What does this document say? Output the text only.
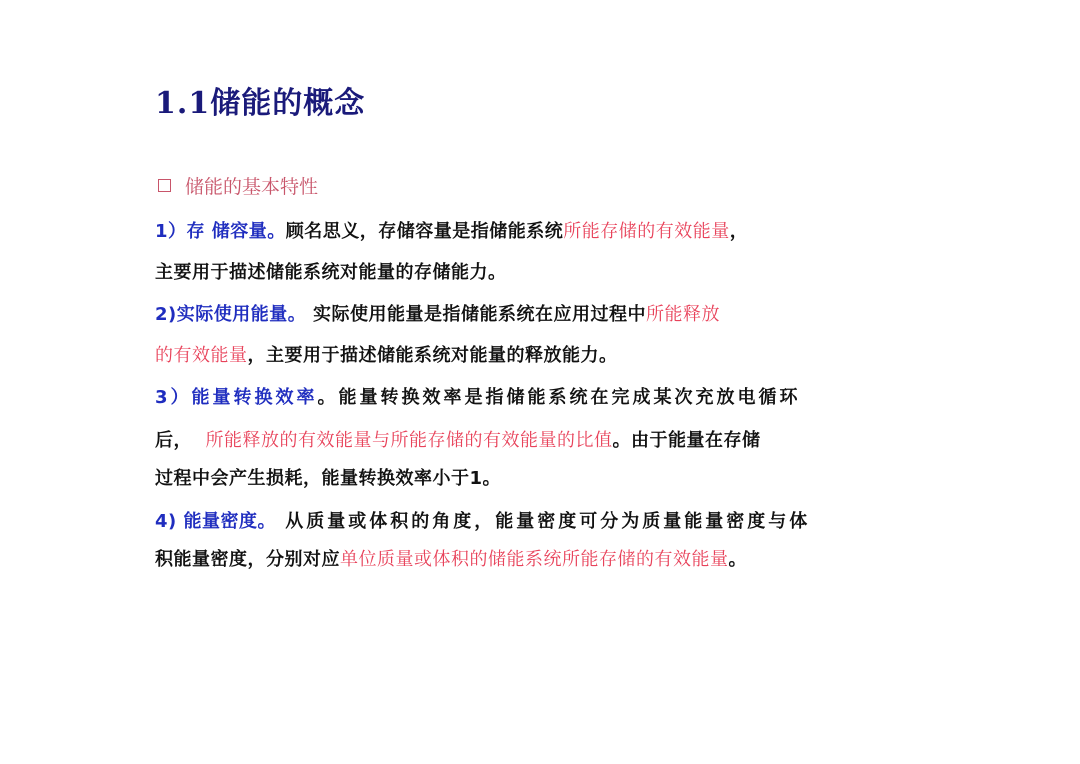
1.1储能的概念
储能的基本特性
1）存 储容量。顾名思义，存储容量是指储能系统所能存储的有效能量，
主要用于描述储能系统对能量的存储能力。
2)实际使用能量。 实际使用能量是指储能系统在应用过程中所能释放
的有效能量，主要用于描述储能系统对能量的释放能力。
3）能量转换效率。能量转换效率是指储能系统在完成某次充放电循环
后， 所能释放的有效能量与所能存储的有效能量的比值。由于能量在存储
过程中会产生损耗，能量转换效率小于1。
4) 能量密度。 从质量或体积的角度，能量密度可分为质量能量密度与体
积能量密度，分别对应单位质量或体积的储能系统所能存储的有效能量。
